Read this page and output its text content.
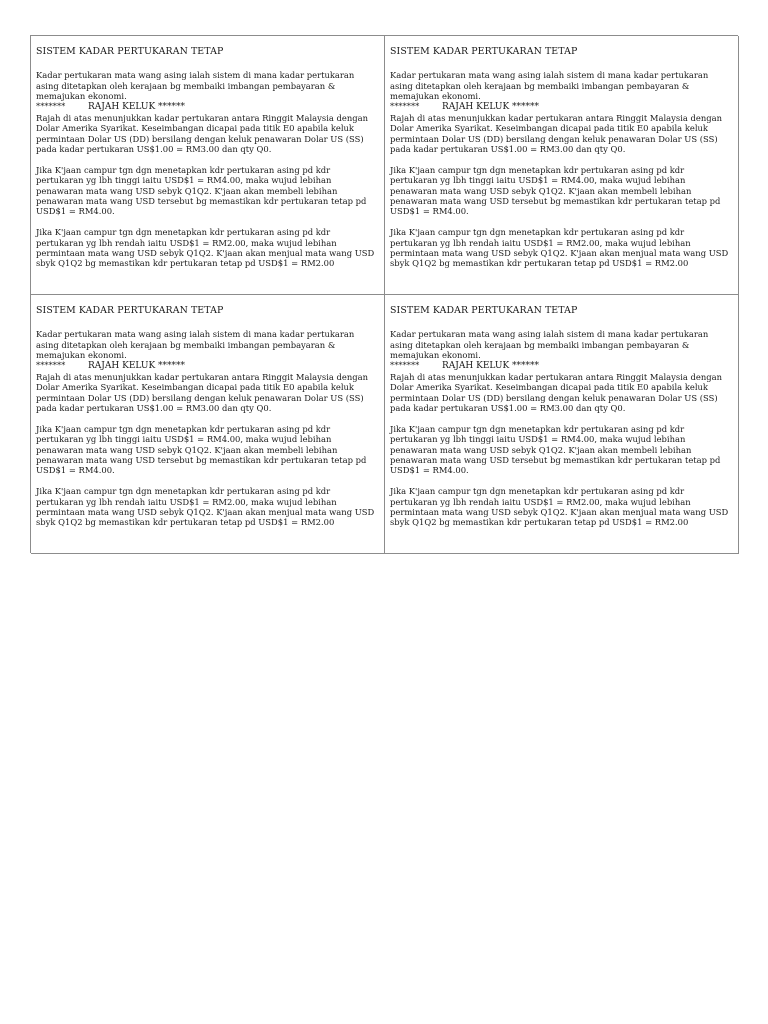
SISTEM KADAR PERTUKARAN TETAP

Kadar pertukaran mata wang asing ialah sistem di mana kadar pertukaran asing ditetapkan oleh kerajaan bg membaiki imbangan pembayaran & memajukan ekonomi.

*******	RAJAH KELUK ******

Rajah di atas menunjukkan kadar pertukaran antara Ringgit Malaysia dengan Dolar Amerika Syarikat. Keseimbangan dicapai pada titik E0 apabila keluk permintaan Dolar US (DD) bersilang dengan keluk penawaran Dolar US (SS) pada kadar pertukaran US$1.00 = RM3.00 dan qty Q0.

Jika K'jaan campur tgn dgn menetapkan kdr pertukaran asing pd kdr pertukaran yg lbh tinggi iaitu USD$1 = RM4.00, maka wujud lebihan penawaran mata wang USD sebyk Q1Q2. K'jaan akan membeli lebihan penawaran mata wang USD tersebut bg memastikan kdr pertukaran tetap pd USD$1 = RM4.00.

Jika K'jaan campur tgn dgn menetapkan kdr pertukaran asing pd kdr pertukaran yg lbh rendah iaitu USD$1 = RM2.00, maka wujud lebihan permintaan mata wang USD sebyk Q1Q2. K'jaan akan menjual mata wang USD sbyk Q1Q2 bg memastikan kdr pertukaran tetap pd USD$1 = RM2.00

SISTEM KADAR PERTUKARAN TETAP

Kadar pertukaran mata wang asing ialah sistem di mana kadar pertukaran asing ditetapkan oleh kerajaan bg membaiki imbangan pembayaran & memajukan ekonomi.

*******	RAJAH KELUK ******

Rajah di atas menunjukkan kadar pertukaran antara Ringgit Malaysia dengan Dolar Amerika Syarikat. Keseimbangan dicapai pada titik E0 apabila keluk permintaan Dolar US (DD) bersilang dengan keluk penawaran Dolar US (SS) pada kadar pertukaran US$1.00 = RM3.00 dan qty Q0.

Jika K'jaan campur tgn dgn menetapkan kdr pertukaran asing pd kdr pertukaran yg lbh tinggi iaitu USD$1 = RM4.00, maka wujud lebihan penawaran mata wang USD sebyk Q1Q2. K'jaan akan membeli lebihan penawaran mata wang USD tersebut bg memastikan kdr pertukaran tetap pd USD$1 = RM4.00.

Jika K'jaan campur tgn dgn menetapkan kdr pertukaran asing pd kdr pertukaran yg lbh rendah iaitu USD$1 = RM2.00, maka wujud lebihan permintaan mata wang USD sebyk Q1Q2. K'jaan akan menjual mata wang USD sbyk Q1Q2 bg memastikan kdr pertukaran tetap pd USD$1 = RM2.00

SISTEM KADAR PERTUKARAN TETAP

Kadar pertukaran mata wang asing ialah sistem di mana kadar pertukaran asing ditetapkan oleh kerajaan bg membaiki imbangan pembayaran & memajukan ekonomi.

*******	RAJAH KELUK ******

Rajah di atas menunjukkan kadar pertukaran antara Ringgit Malaysia dengan Dolar Amerika Syarikat. Keseimbangan dicapai pada titik E0 apabila keluk permintaan Dolar US (DD) bersilang dengan keluk penawaran Dolar US (SS) pada kadar pertukaran US$1.00 = RM3.00 dan qty Q0.

Jika K'jaan campur tgn dgn menetapkan kdr pertukaran asing pd kdr pertukaran yg lbh tinggi iaitu USD$1 = RM4.00, maka wujud lebihan penawaran mata wang USD sebyk Q1Q2. K'jaan akan membeli lebihan penawaran mata wang USD tersebut bg memastikan kdr pertukaran tetap pd USD$1 = RM4.00.

Jika K'jaan campur tgn dgn menetapkan kdr pertukaran asing pd kdr pertukaran yg lbh rendah iaitu USD$1 = RM2.00, maka wujud lebihan permintaan mata wang USD sebyk Q1Q2. K'jaan akan menjual mata wang USD sbyk Q1Q2 bg memastikan kdr pertukaran tetap pd USD$1 = RM2.00

SISTEM KADAR PERTUKARAN TETAP

Kadar pertukaran mata wang asing ialah sistem di mana kadar pertukaran asing ditetapkan oleh kerajaan bg membaiki imbangan pembayaran & memajukan ekonomi.

*******	RAJAH KELUK ******

Rajah di atas menunjukkan kadar pertukaran antara Ringgit Malaysia dengan Dolar Amerika Syarikat. Keseimbangan dicapai pada titik E0 apabila keluk permintaan Dolar US (DD) bersilang dengan keluk penawaran Dolar US (SS) pada kadar pertukaran US$1.00 = RM3.00 dan qty Q0.

Jika K'jaan campur tgn dgn menetapkan kdr pertukaran asing pd kdr pertukaran yg lbh tinggi iaitu USD$1 = RM4.00, maka wujud lebihan penawaran mata wang USD sebyk Q1Q2. K'jaan akan membeli lebihan penawaran mata wang USD tersebut bg memastikan kdr pertukaran tetap pd USD$1 = RM4.00.

Jika K'jaan campur tgn dgn menetapkan kdr pertukaran asing pd kdr pertukaran yg lbh rendah iaitu USD$1 = RM2.00, maka wujud lebihan permintaan mata wang USD sebyk Q1Q2. K'jaan akan menjual mata wang USD sbyk Q1Q2 bg memastikan kdr pertukaran tetap pd USD$1 = RM2.00
